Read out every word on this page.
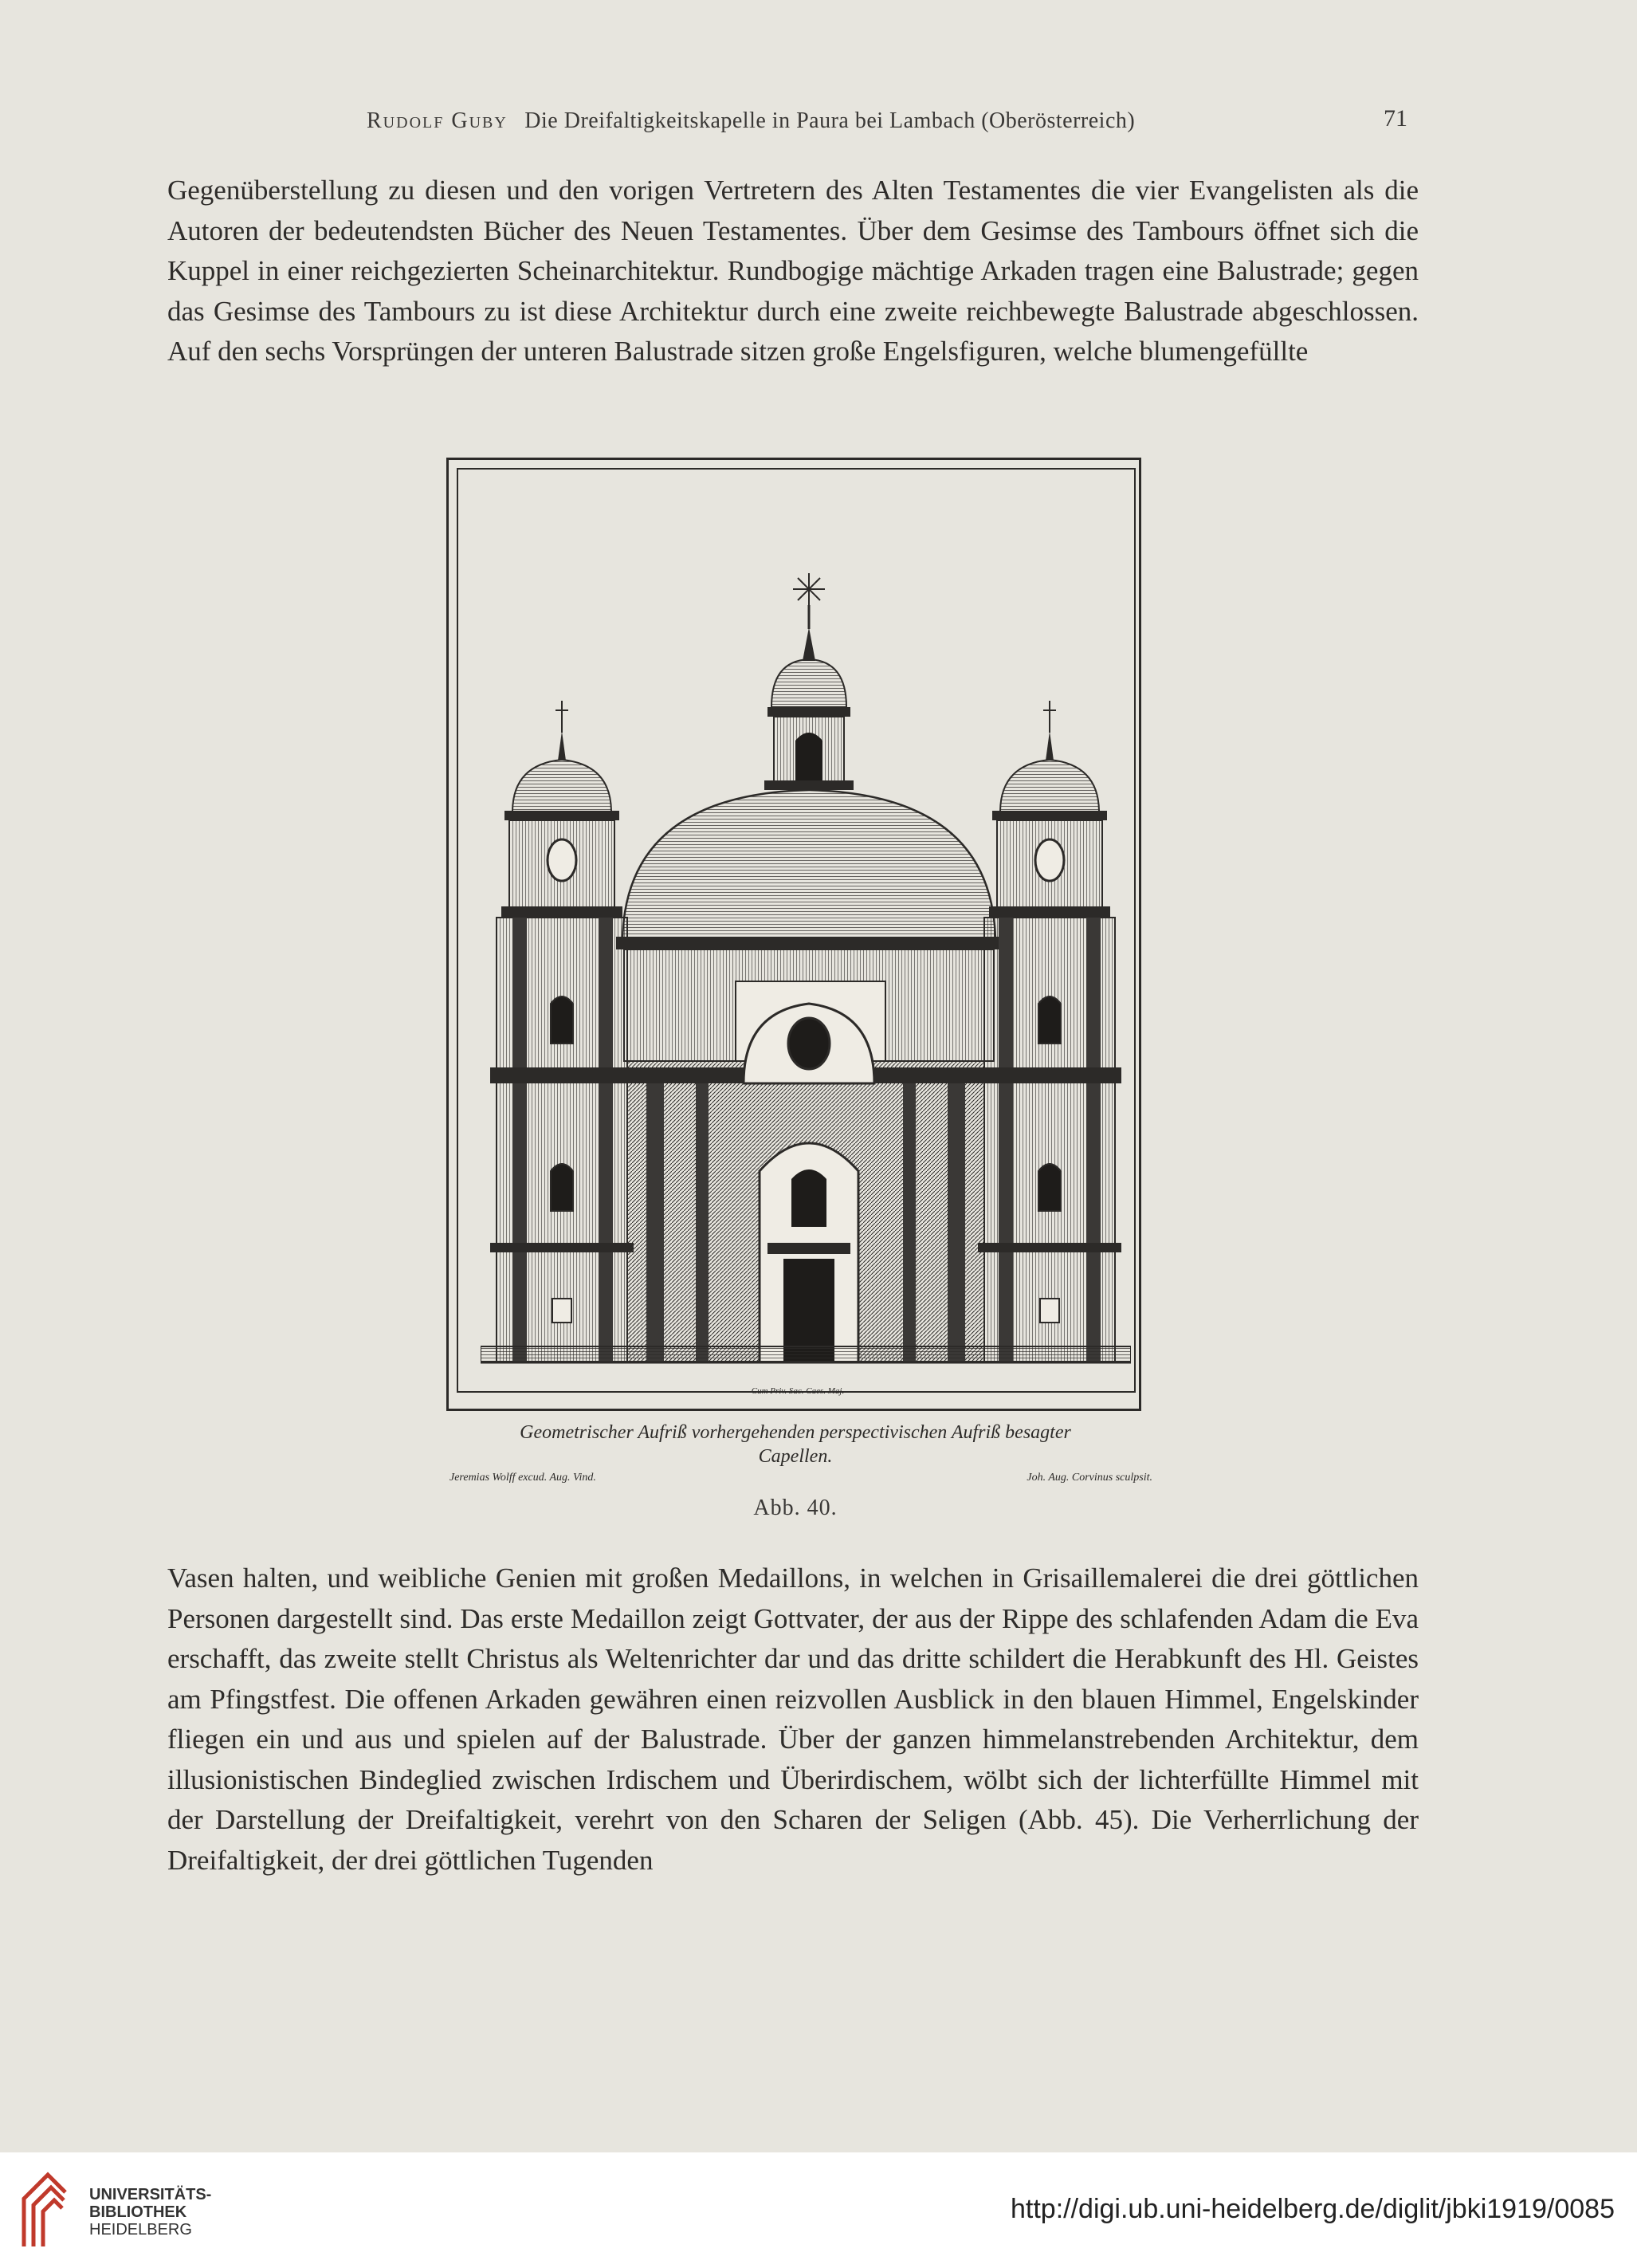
Rudolf Guby Die Dreifaltigkeitskapelle in Paura bei Lambach (Oberösterreich)	71

Gegenüberstellung zu diesen und den vorigen Vertretern des Alten Testamentes die vier Evangelisten als die Autoren der bedeutendsten Bücher des Neuen Testamentes. Über dem Gesimse des Tambours öffnet sich die Kuppel in einer reichgezierten Scheinarchitektur. Rundbogige mächtige Arkaden tragen eine Balustrade; gegen das Gesimse des Tambours zu ist diese Architektur durch eine zweite reichbewegte Balustrade abgeschlossen. Auf den sechs Vorsprüngen der unteren Balustrade sitzen große Engelsfiguren, welche blumengefüllte

Cum Priv. Sac. Caes. Maj.
Geometrischer Aufriß vorhergehenden perspectivischen Aufriß besagter
Capellen.
Jeremias Wolff excud. Aug. Vind.	Joh. Aug. Corvinus sculpsit.
Abb. 40.

Vasen halten, und weibliche Genien mit großen Medaillons, in welchen in Grisaillemalerei die drei göttlichen Personen dargestellt sind. Das erste Medaillon zeigt Gottvater, der aus der Rippe des schlafenden Adam die Eva erschafft, das zweite stellt Christus als Weltenrichter dar und das dritte schildert die Herabkunft des Hl. Geistes am Pfingstfest. Die offenen Arkaden gewähren einen reizvollen Ausblick in den blauen Himmel, Engelskinder fliegen ein und aus und spielen auf der Balustrade. Über der ganzen himmelanstrebenden Architektur, dem illusionistischen Bindeglied zwischen Irdischem und Überirdischem, wölbt sich der lichterfüllte Himmel mit der Darstellung der Dreifaltigkeit, verehrt von den Scharen der Seligen (Abb. 45). Die Verherrlichung der Dreifaltigkeit, der drei göttlichen Tugenden

UNIVERSITÄTS-
BIBLIOTHEK
HEIDELBERG
http://digi.ub.uni-heidelberg.de/diglit/jbki1919/0085
